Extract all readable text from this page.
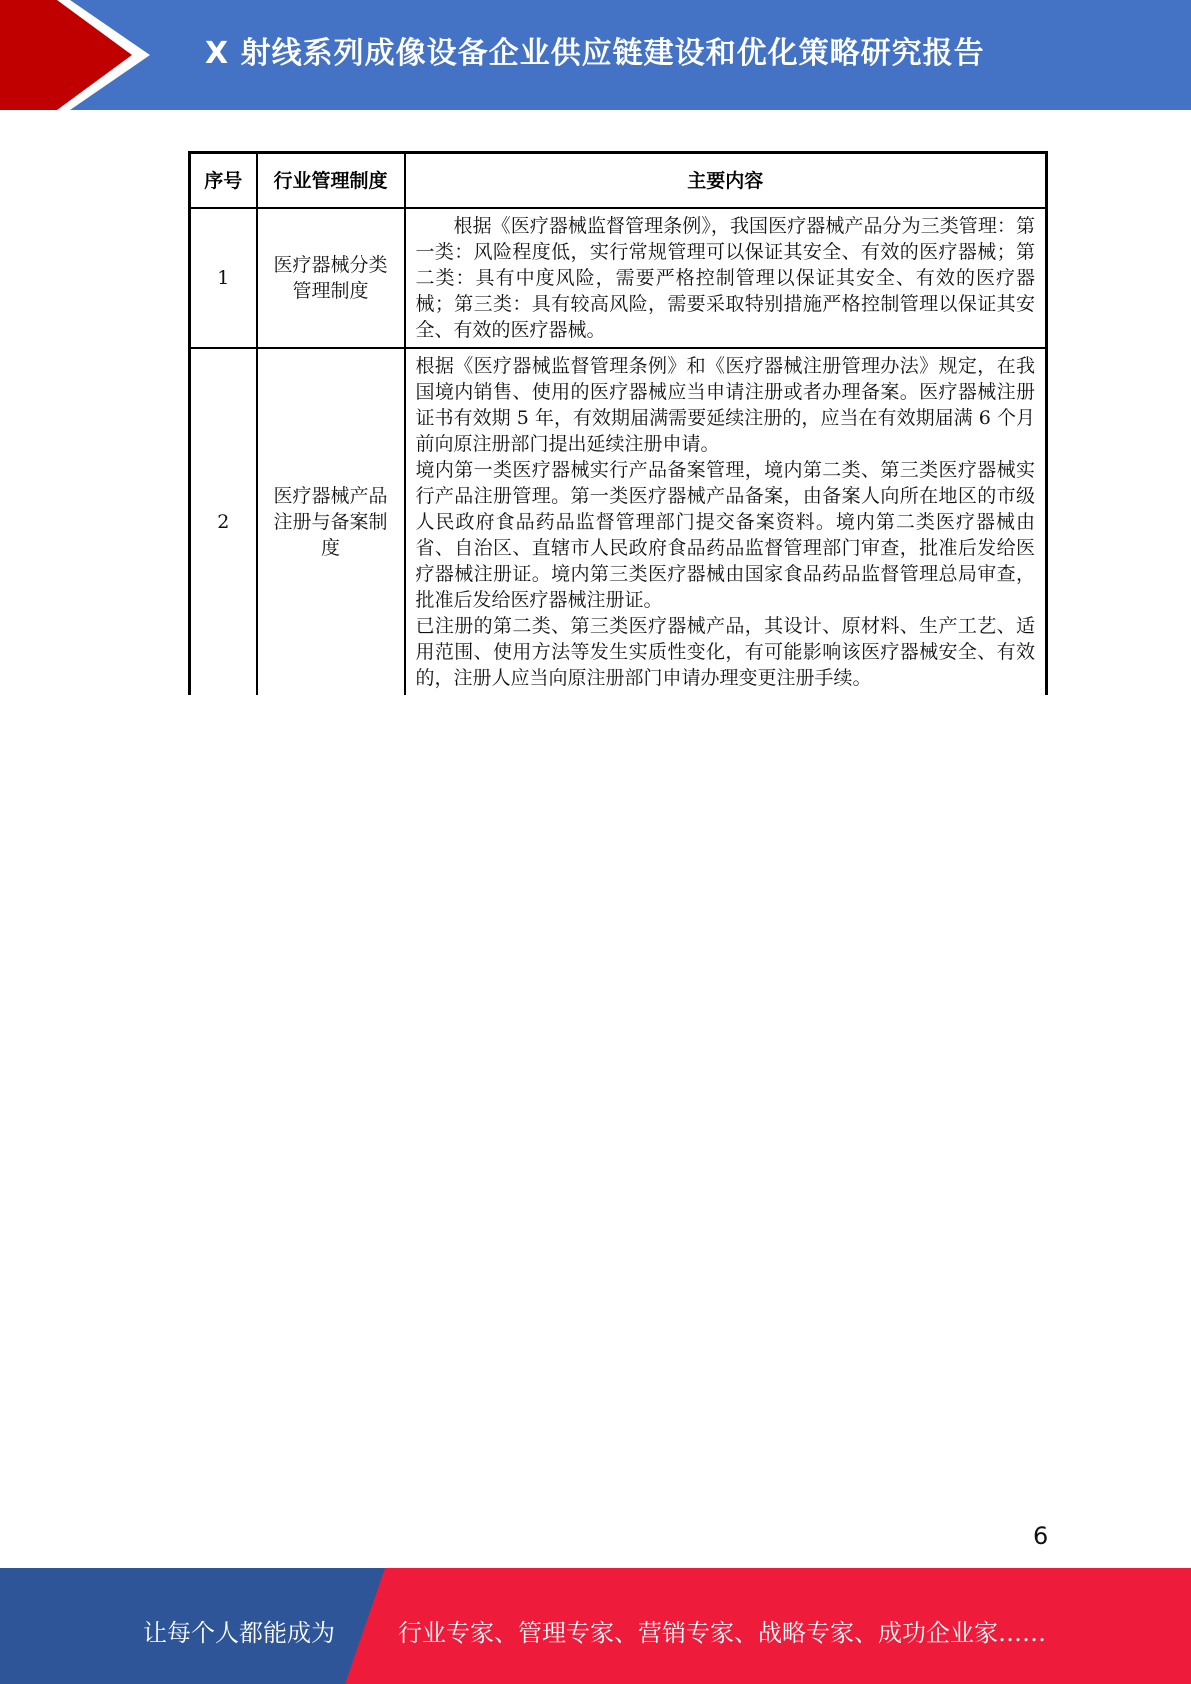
X 射线系列成像设备企业供应链建设和优化策略研究报告
序号	行业管理制度	主要内容
1	医疗器械分类管理制度	根据《医疗器械监督管理条例》，我国医疗器械产品分为三类管理：第一类：风险程度低，实行常规管理可以保证其安全、有效的医疗器械；第二类：具有中度风险，需要严格控制管理以保证其安全、有效的医疗器械；第三类：具有较高风险，需要采取特别措施严格控制管理以保证其安全、有效的医疗器械。

2	医疗器械产品注册与备案制度	根据《医疗器械监督管理条例》和《医疗器械注册管理办法》规定，在我国境内销售、使用的医疗器械应当申请注册或者办理备案。医疗器械注册证书有效期 5 年，有效期届满需要延续注册的，应当在有效期届满 6 个月前向原注册部门提出延续注册申请。

境内第一类医疗器械实行产品备案管理，境内第二类、第三类医疗器械实行产品注册管理。第一类医疗器械产品备案，由备案人向所在地区的市级人民政府食品药品监督管理部门提交备案资料。境内第二类医疗器械由省、自治区、直辖市人民政府食品药品监督管理部门审查，批准后发给医疗器械注册证。境内第三类医疗器械由国家食品药品监督管理总局审查，批准后发给医疗器械注册证。

已注册的第二类、第三类医疗器械产品，其设计、原材料、生产工艺、适用范围、使用方法等发生实质性变化，有可能影响该医疗器械安全、有效的，注册人应当向原注册部门申请办理变更注册手续。

6
让每个人都能成为	行业专家、管理专家、营销专家、战略专家、成功企业家……
